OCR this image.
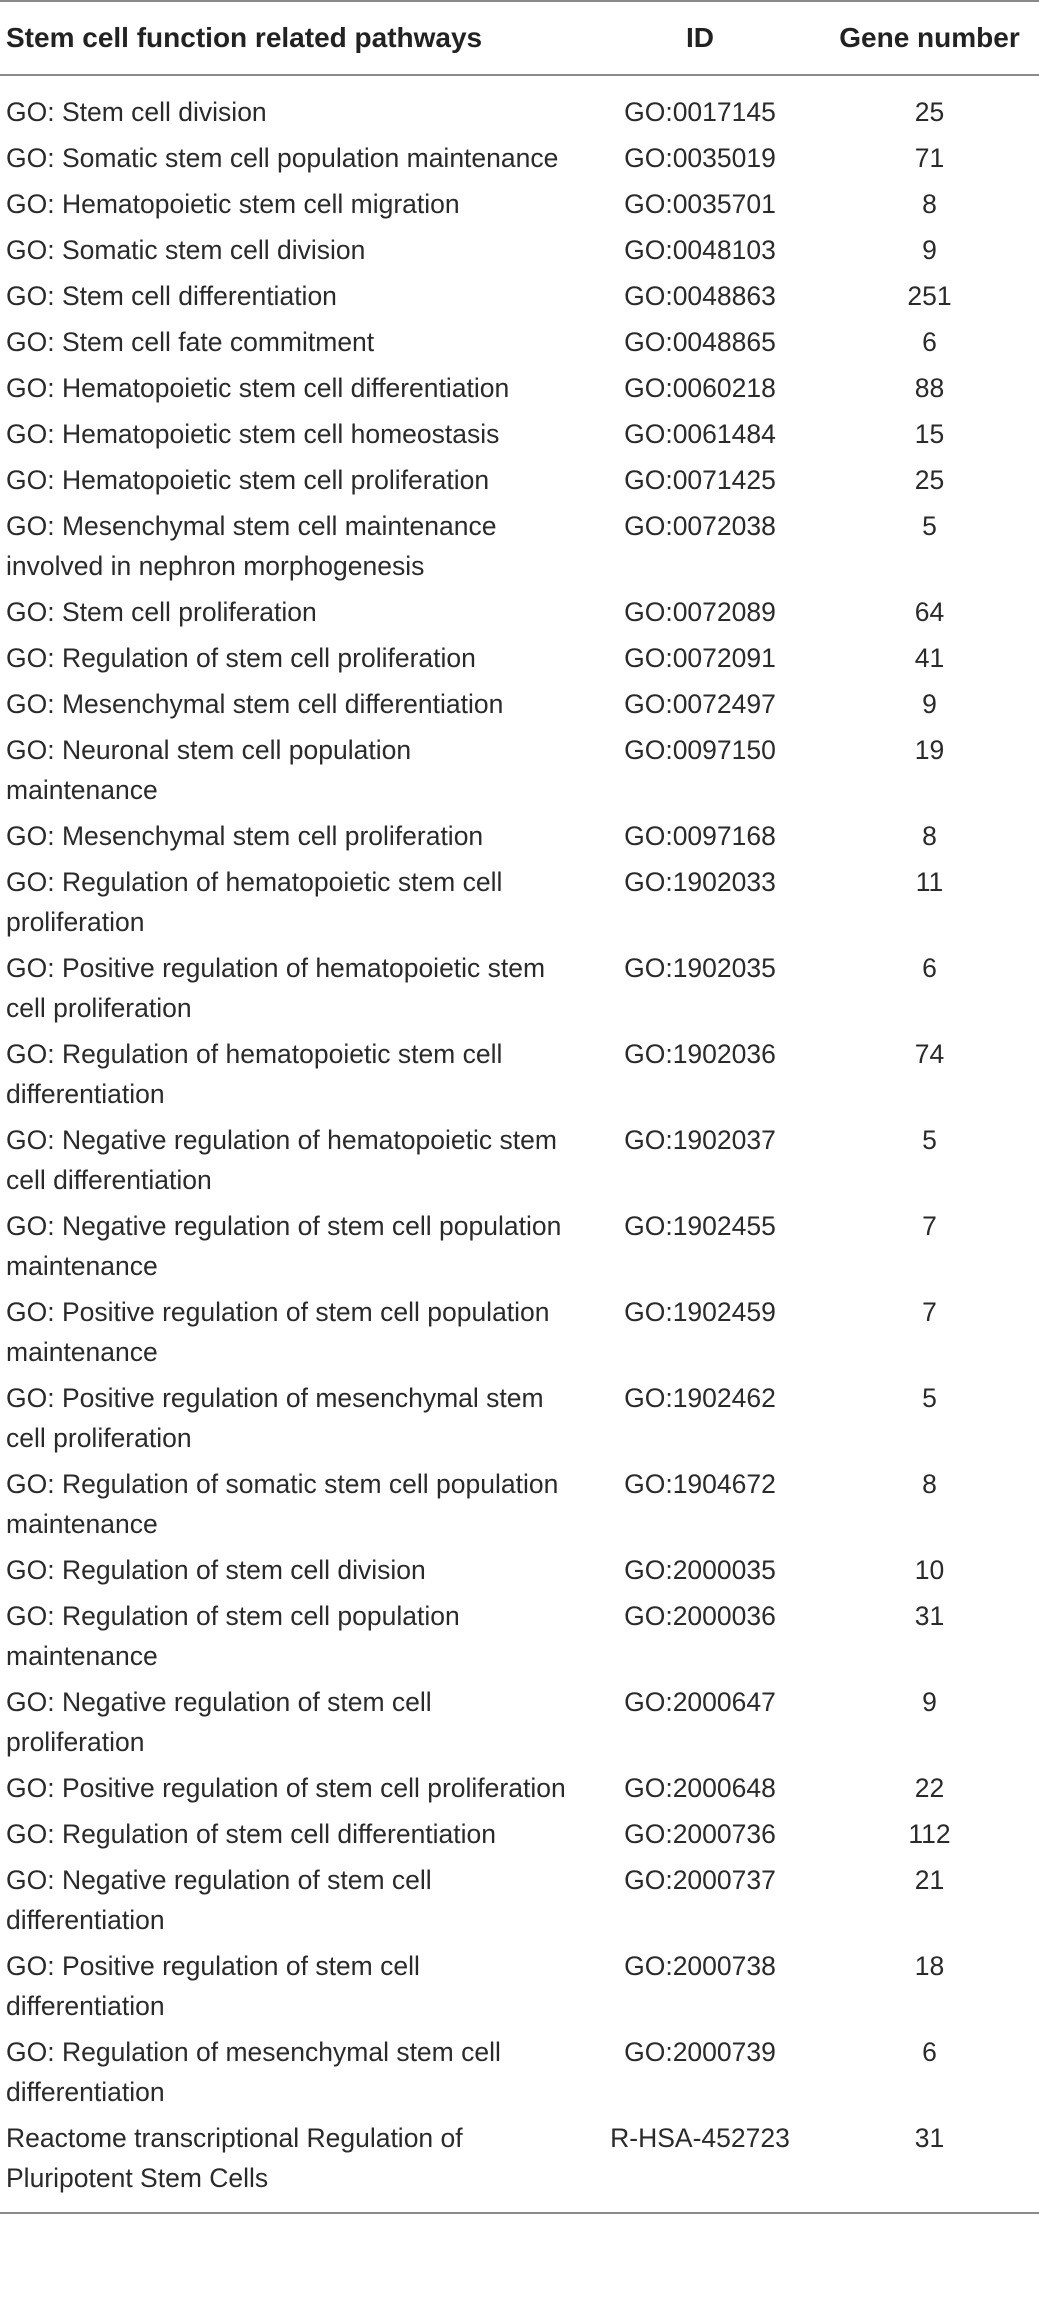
Stem cell function related pathways	ID	Gene number
GO: Stem cell division	GO:0017145	25
GO: Somatic stem cell population maintenance	GO:0035019	71
GO: Hematopoietic stem cell migration	GO:0035701	8
GO: Somatic stem cell division	GO:0048103	9
GO: Stem cell differentiation	GO:0048863	251
GO: Stem cell fate commitment	GO:0048865	6
GO: Hematopoietic stem cell differentiation	GO:0060218	88
GO: Hematopoietic stem cell homeostasis	GO:0061484	15
GO: Hematopoietic stem cell proliferation	GO:0071425	25
GO: Mesenchymal stem cell maintenance involved in nephron morphogenesis	GO:0072038	5
GO: Stem cell proliferation	GO:0072089	64
GO: Regulation of stem cell proliferation	GO:0072091	41
GO: Mesenchymal stem cell differentiation	GO:0072497	9
GO: Neuronal stem cell population maintenance	GO:0097150	19
GO: Mesenchymal stem cell proliferation	GO:0097168	8
GO: Regulation of hematopoietic stem cell proliferation	GO:1902033	11
GO: Positive regulation of hematopoietic stem cell proliferation	GO:1902035	6
GO: Regulation of hematopoietic stem cell differentiation	GO:1902036	74
GO: Negative regulation of hematopoietic stem cell differentiation	GO:1902037	5
GO: Negative regulation of stem cell population maintenance	GO:1902455	7
GO: Positive regulation of stem cell population maintenance	GO:1902459	7
GO: Positive regulation of mesenchymal stem cell proliferation	GO:1902462	5
GO: Regulation of somatic stem cell population maintenance	GO:1904672	8
GO: Regulation of stem cell division	GO:2000035	10
GO: Regulation of stem cell population maintenance	GO:2000036	31
GO: Negative regulation of stem cell proliferation	GO:2000647	9
GO: Positive regulation of stem cell proliferation	GO:2000648	22
GO: Regulation of stem cell differentiation	GO:2000736	112
GO: Negative regulation of stem cell differentiation	GO:2000737	21
GO: Positive regulation of stem cell differentiation	GO:2000738	18
GO: Regulation of mesenchymal stem cell differentiation	GO:2000739	6
Reactome transcriptional Regulation of Pluripotent Stem Cells	R-HSA-452723	31
